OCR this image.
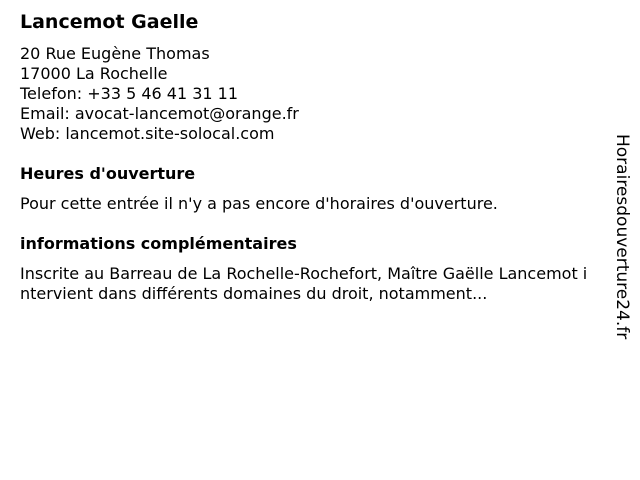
Lancemot Gaelle
20 Rue Eugène Thomas
17000 La Rochelle
Telefon: +33 5 46 41 31 11
Email: avocat-lancemot@orange.fr
Web: lancemot.site-solocal.com
Heures d'ouverture
Pour cette entrée il n'y a pas encore d'horaires d'ouverture.
informations complémentaires
Inscrite au Barreau de La Rochelle-Rochefort, Maître Gaëlle Lancemot intervient dans différents domaines du droit, notamment...	Horairesdouverture24.fr
